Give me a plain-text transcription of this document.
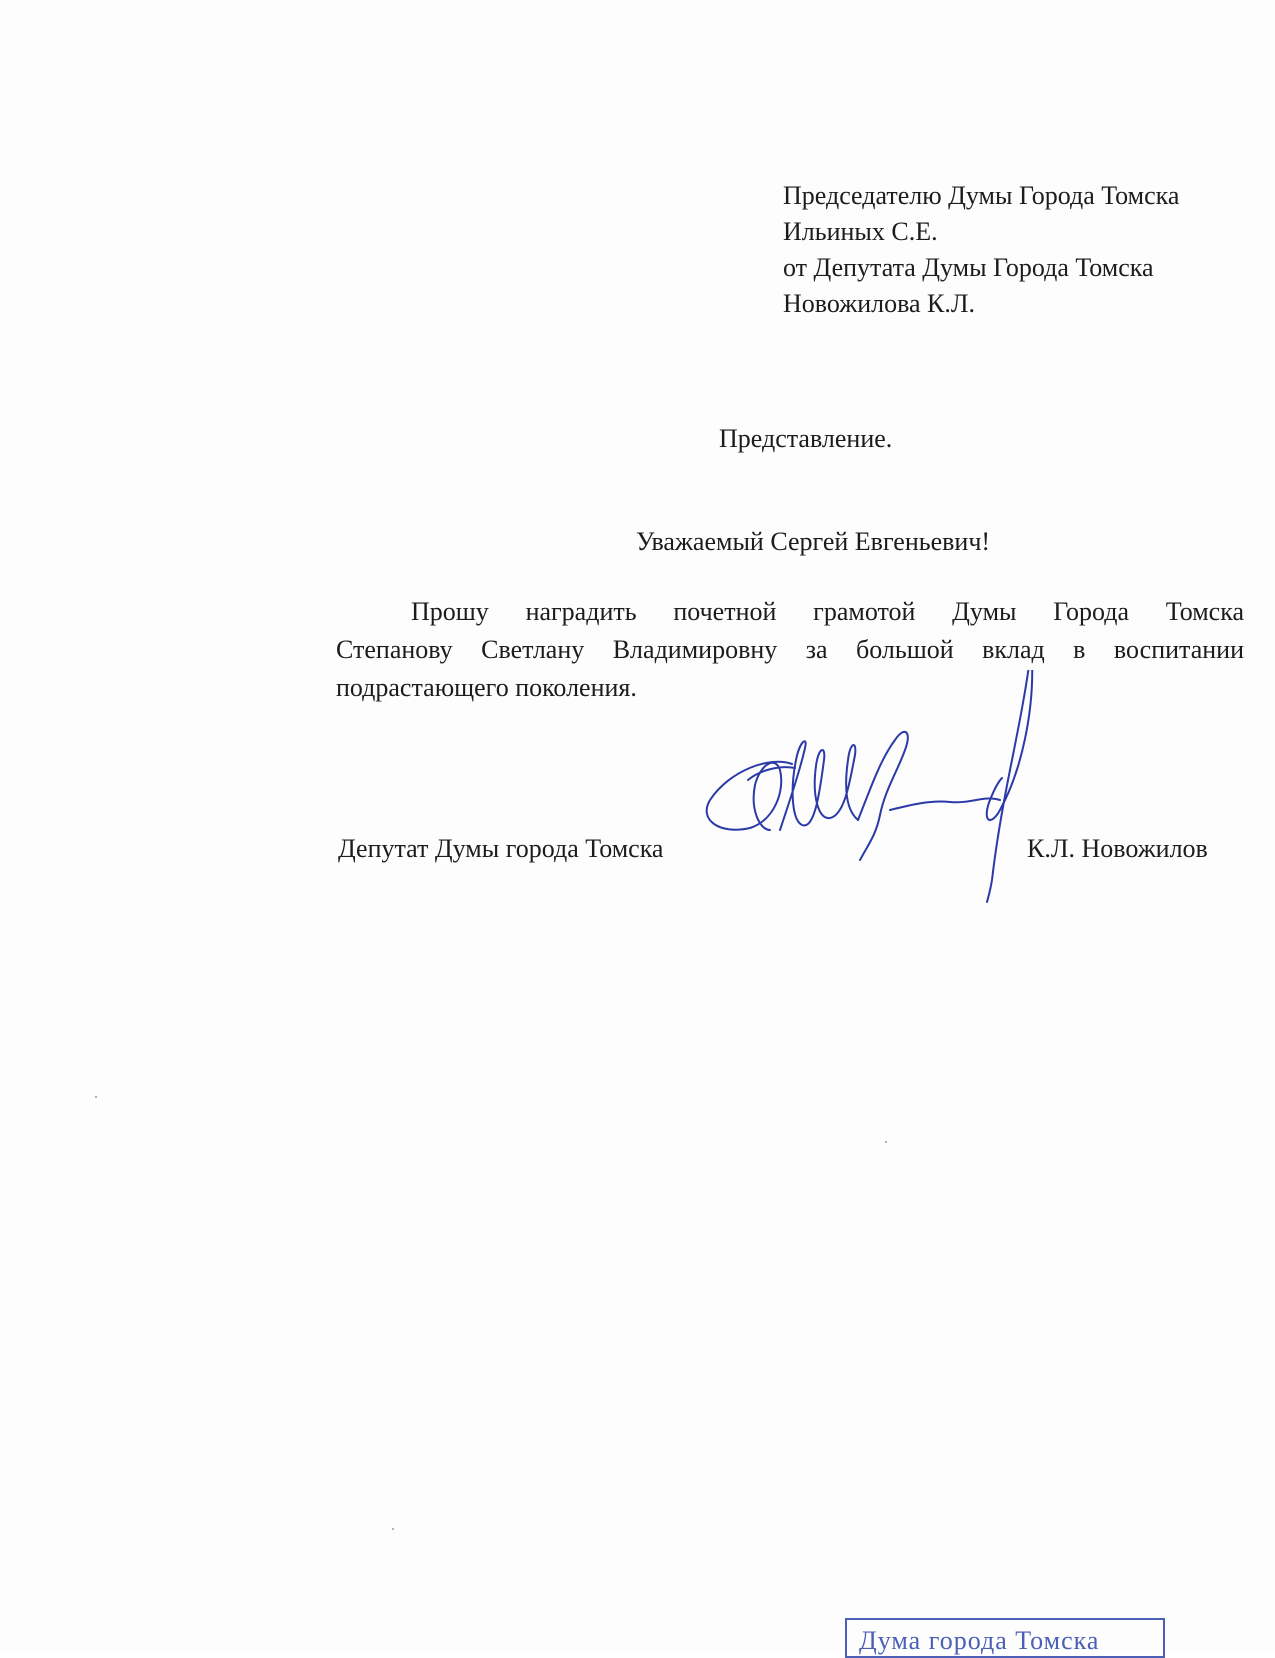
Председателю Думы Города Томска
Ильиных С.Е.
от Депутата Думы Города Томска
Новожилова К.Л.
Представление.
Уважаемый Сергей Евгеньевич!
Прошу наградить почетной грамотой Думы Города Томска
Степанову Светлану Владимировну за большой вклад в воспитании
подрастающего поколения.
Депутат Думы города Томска	К.Л. Новожилов
Дума города Томска
